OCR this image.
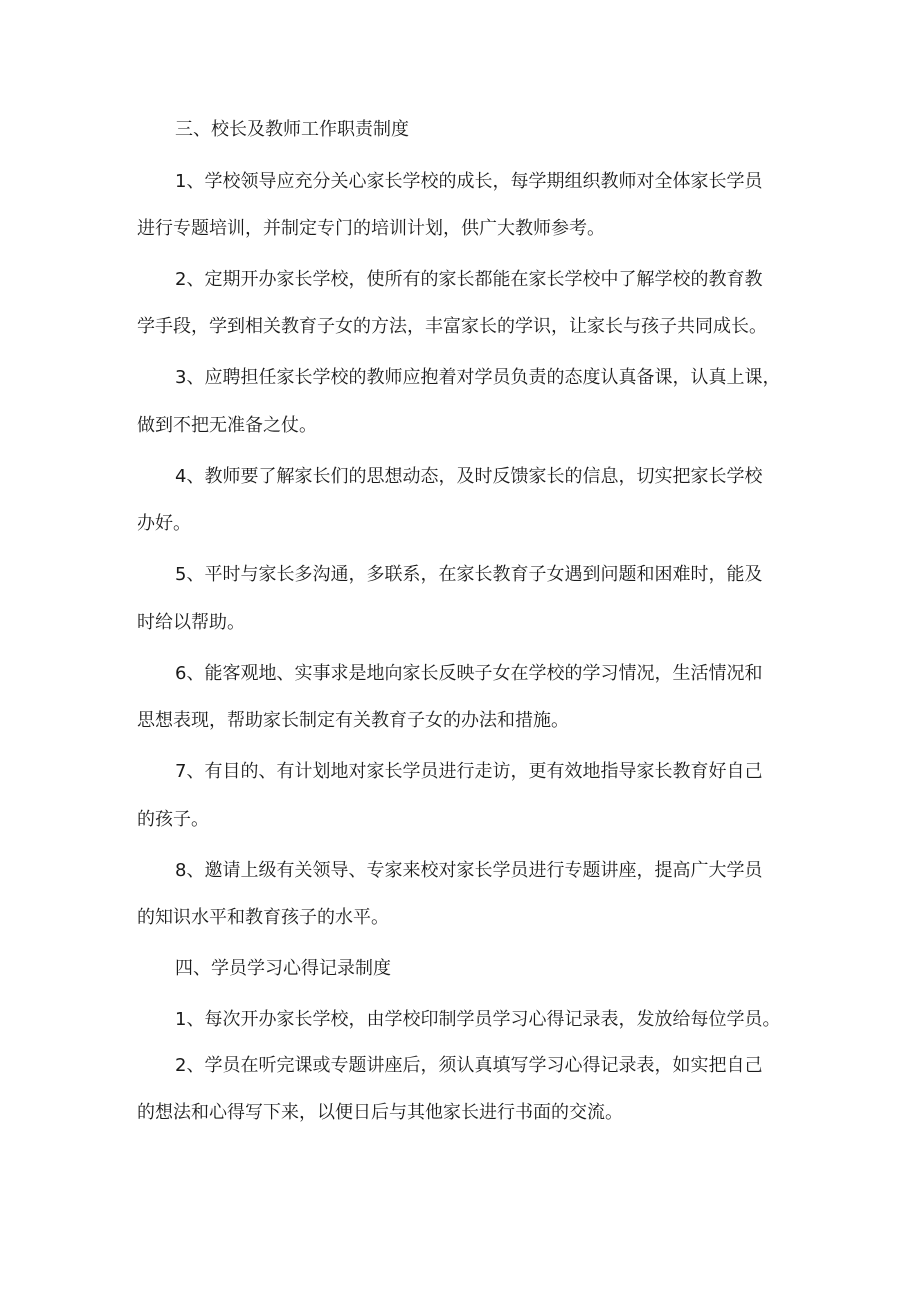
三、校长及教师工作职责制度
1、学校领导应充分关心家长学校的成长，每学期组织教师对全体家长学员
进行专题培训，并制定专门的培训计划，供广大教师参考。
2、定期开办家长学校，使所有的家长都能在家长学校中了解学校的教育教
学手段，学到相关教育子女的方法，丰富家长的学识，让家长与孩子共同成长。
3、应聘担任家长学校的教师应抱着对学员负责的态度认真备课，认真上课，
做到不把无准备之仗。
4、教师要了解家长们的思想动态，及时反馈家长的信息，切实把家长学校
办好。
5、平时与家长多沟通，多联系，在家长教育子女遇到问题和困难时，能及
时给以帮助。
6、能客观地、实事求是地向家长反映子女在学校的学习情况，生活情况和
思想表现，帮助家长制定有关教育子女的办法和措施。
7、有目的、有计划地对家长学员进行走访，更有效地指导家长教育好自己
的孩子。
8、邀请上级有关领导、专家来校对家长学员进行专题讲座，提高广大学员
的知识水平和教育孩子的水平。
四、学员学习心得记录制度
1、每次开办家长学校，由学校印制学员学习心得记录表，发放给每位学员。
2、学员在听完课或专题讲座后，须认真填写学习心得记录表，如实把自己
的想法和心得写下来，以便日后与其他家长进行书面的交流。
